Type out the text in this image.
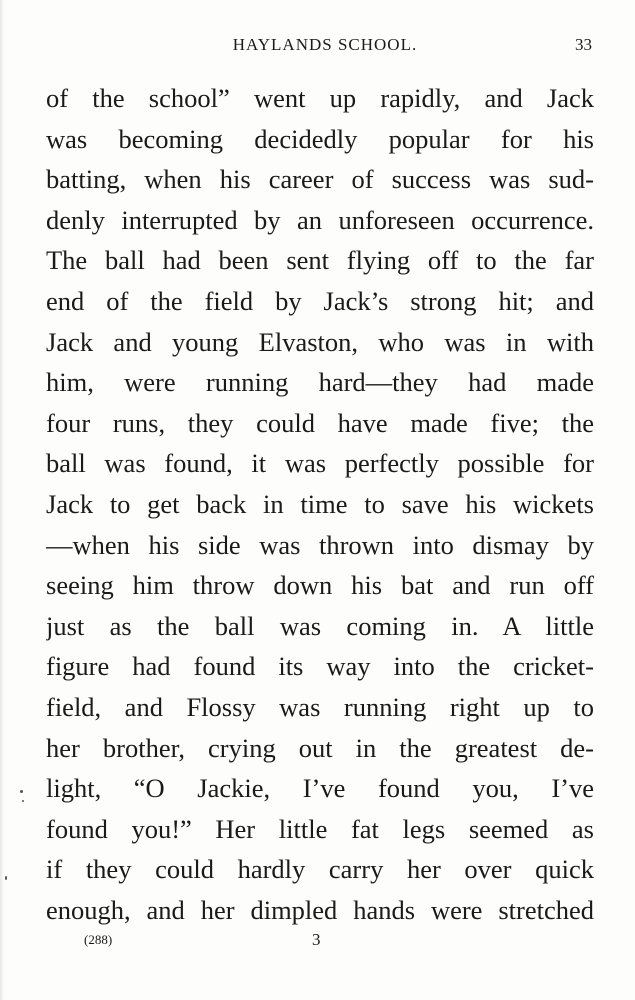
HAYLANDS SCHOOL.	33
of the school” went up rapidly, and Jack
was becoming decidedly popular for his
batting, when his career of success was sud-
denly interrupted by an unforeseen occurrence.
The ball had been sent flying off to the far
end of the field by Jack’s strong hit; and
Jack and young Elvaston, who was in with
him, were running hard—they had made
four runs, they could have made five; the
ball was found, it was perfectly possible for
Jack to get back in time to save his wickets
—when his side was thrown into dismay by
seeing him throw down his bat and run off
just as the ball was coming in. A little
figure had found its way into the cricket-
field, and Flossy was running right up to
her brother, crying out in the greatest de-
light, “O Jackie, I’ve found you, I’ve
found you!” Her little fat legs seemed as
if they could hardly carry her over quick
enough, and her dimpled hands were stretched
(288)	3
